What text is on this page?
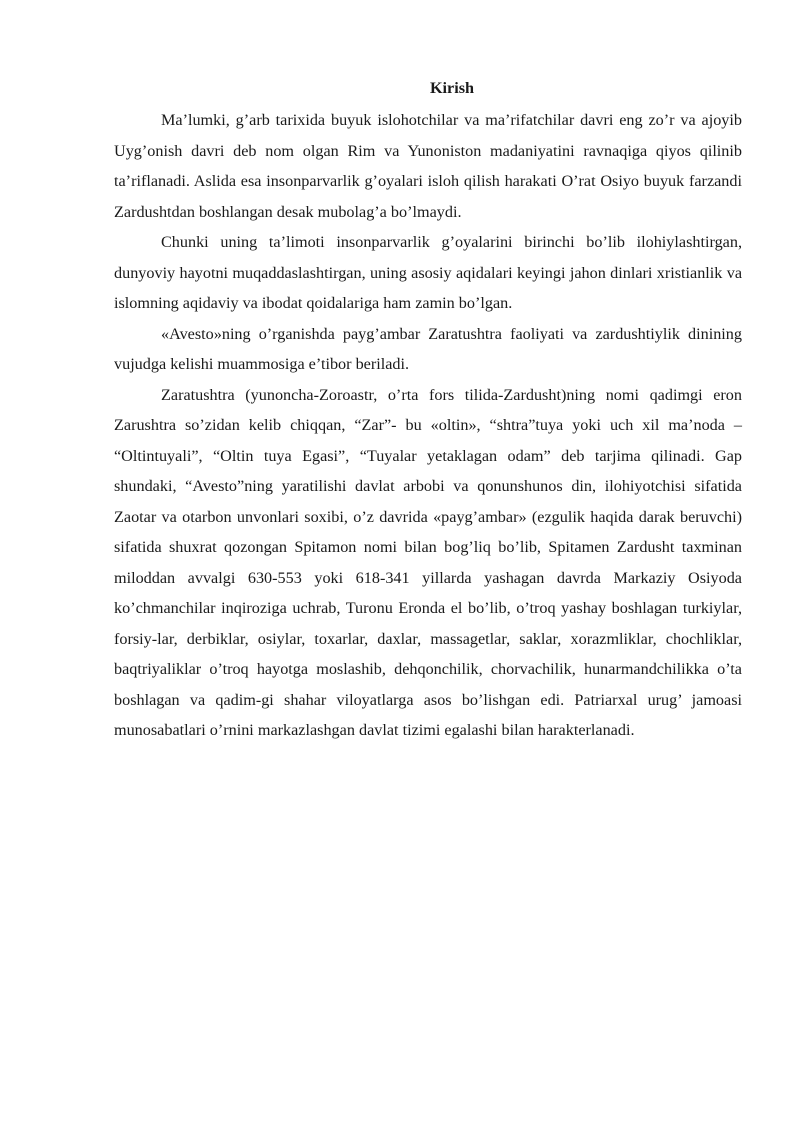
Kirish

Ma’lumki, g’arb tarixida buyuk islohotchilar va ma’rifatchilar davri eng zo’r va ajoyib Uyg’onish davri deb nom olgan Rim va Yunoniston madaniyatini ravnaqiga qiyos qilinib ta’riflanadi. Aslida esa insonparvarlik g’oyalari isloh qilish harakati O’rat Osiyo buyuk farzandi Zardushtdan boshlangan desak mubolag’a bo’lmaydi.

Chunki uning ta’limoti insonparvarlik g’oyalarini birinchi bo’lib ilohiylashtirgan, dunyoviy hayotni muqaddaslashtirgan, uning asosiy aqidalari keyingi jahon dinlari xristianlik va islomning aqidaviy va ibodat qoidalariga ham zamin bo’lgan.

«Avesto»ning o’rganishda payg’ambar Zaratushtra faoliyati va zardushtiylik dinining vujudga kelishi muammosiga e’tibor beriladi.

Zaratushtra (yunoncha-Zoroastr, o’rta fors tilida-Zardusht)ning nomi qadimgi eron Zarushtra so’zidan kelib chiqqan, “Zar”- bu «oltin», “shtra”tuya yoki uch xil ma’noda – “Oltintuyali”, “Oltin tuya Egasi”, “Tuyalar yetaklagan odam” deb tarjima qilinadi. Gap shundaki, “Avesto”ning yaratilishi davlat arbobi va qonunshunos din, ilohiyotchisi sifatida Zaotar va otarbon unvonlari soxibi, o’z davrida «payg’ambar» (ezgulik haqida darak beruvchi) sifatida shuxrat qozongan Spitamon nomi bilan bog’liq bo’lib, Spitamen Zardusht taxminan miloddan avvalgi 630-553 yoki 618-341 yillarda yashagan davrda Markaziy Osiyoda ko’chmanchilar inqiroziga uchrab, Turonu Eronda el bo’lib, o’troq yashay boshlagan turkiylar, forsiy-lar, derbiklar, osiylar, toxarlar, daxlar, massagetlar, saklar, xorazmliklar, chochliklar, baqtriyaliklar o’troq hayotga moslashib, dehqonchilik, chorvachilik, hunarmandchilikka o’ta boshlagan va qadim-gi shahar viloyatlarga asos bo’lishgan edi. Patriarxal urug’ jamoasi munosabatlari o’rnini markazlashgan davlat tizimi egalashi bilan harakterlanadi.
